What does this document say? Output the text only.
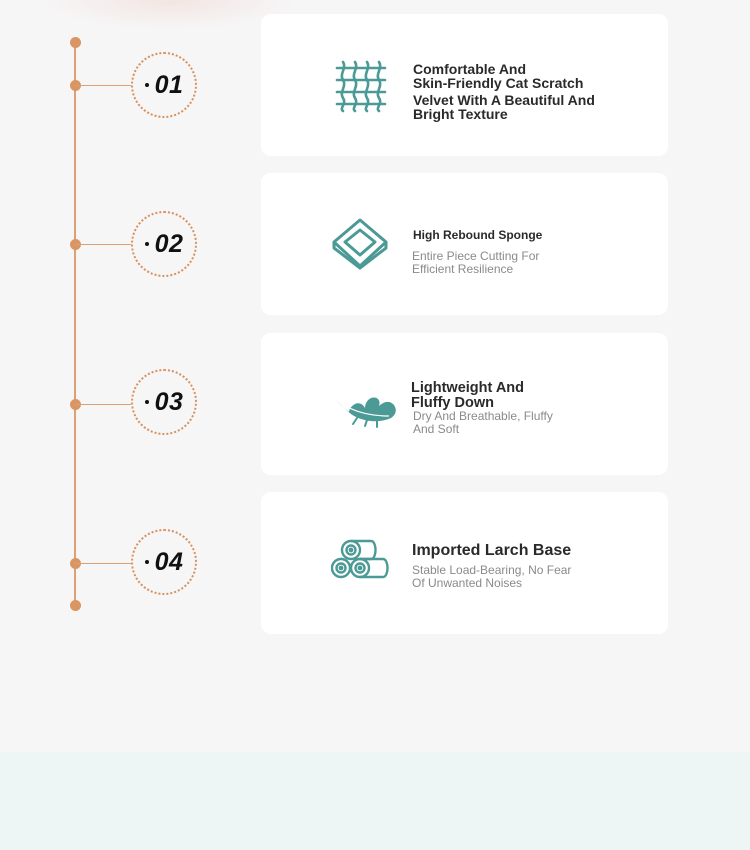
01
02
03
04
Comfortable And
Skin-Friendly Cat Scratch
Velvet With A Beautiful And
Bright Texture
High Rebound Sponge
Entire Piece Cutting For
Efficient Resilience
Lightweight And
Fluffy Down
Dry And Breathable, Fluffy
And Soft
Imported Larch Base
Stable Load-Bearing, No Fear
Of Unwanted Noises
